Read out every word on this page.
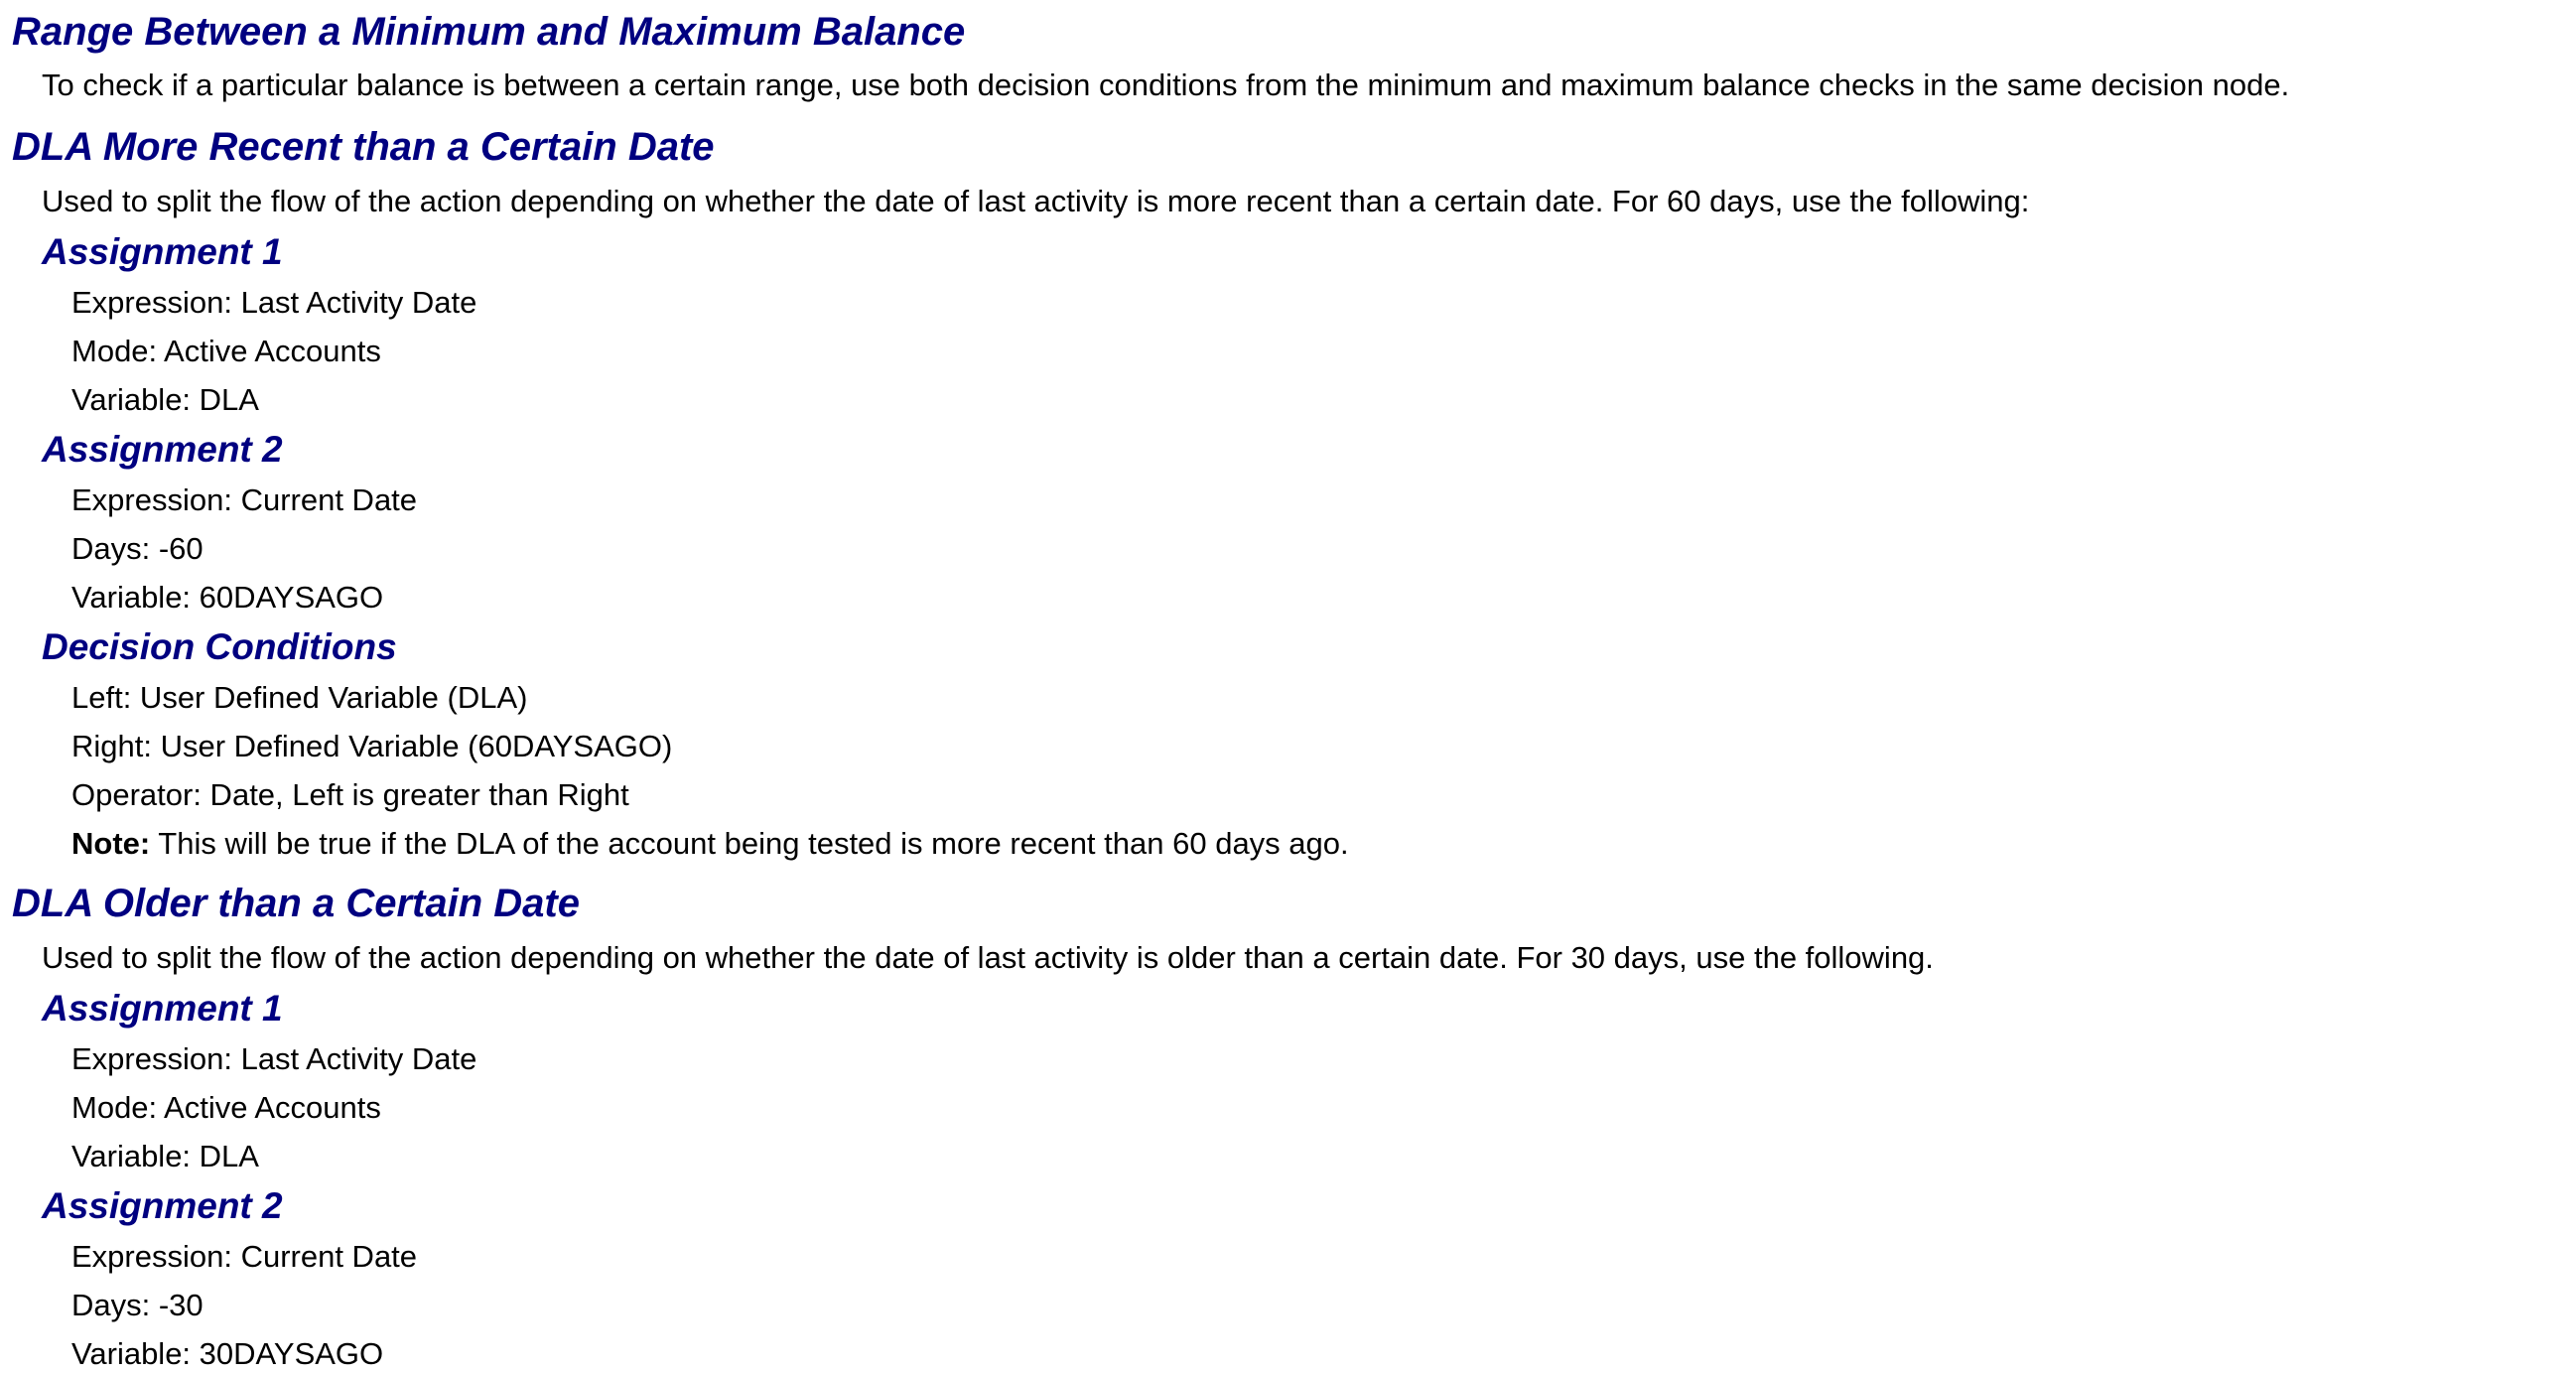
Range Between a Minimum and Maximum Balance

To check if a particular balance is between a certain range, use both decision conditions from the minimum and maximum balance checks in the same decision node.

DLA More Recent than a Certain Date

Used to split the flow of the action depending on whether the date of last activity is more recent than a certain date. For 60 days, use the following:

Assignment 1

Expression: Last Activity Date

Mode: Active Accounts

Variable: DLA

Assignment 2

Expression: Current Date

Days: -60

Variable: 60DAYSAGO

Decision Conditions

Left: User Defined Variable (DLA)

Right: User Defined Variable (60DAYSAGO)

Operator: Date, Left is greater than Right

Note: This will be true if the DLA of the account being tested is more recent than 60 days ago.

DLA Older than a Certain Date

Used to split the flow of the action depending on whether the date of last activity is older than a certain date. For 30 days, use the following.

Assignment 1

Expression: Last Activity Date

Mode: Active Accounts

Variable: DLA

Assignment 2

Expression: Current Date

Days: -30

Variable: 30DAYSAGO
